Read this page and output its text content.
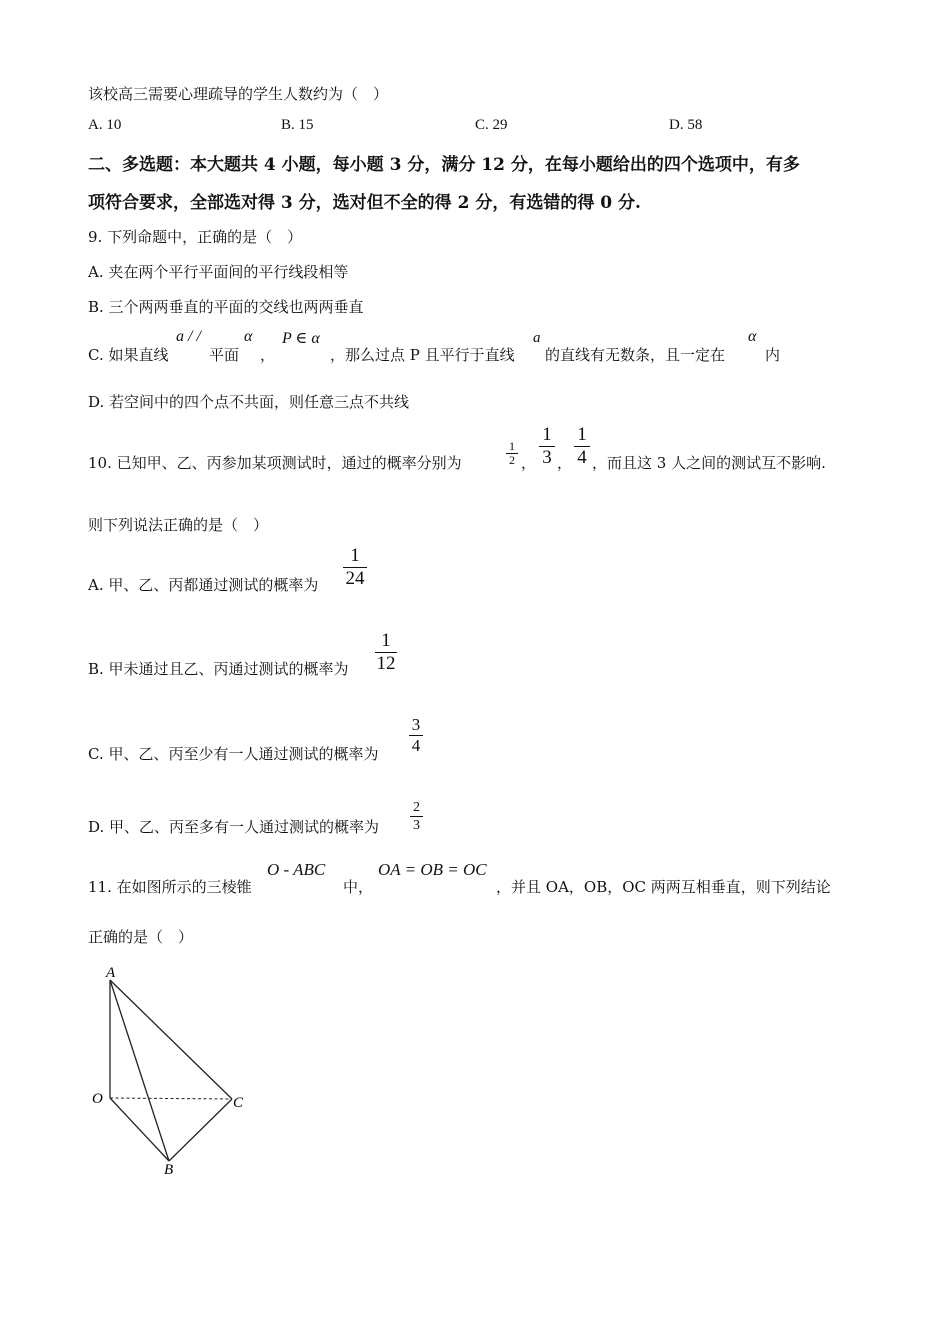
该校高三需要心理疏导的学生人数约为（　）
A. 10	B. 15	C. 29	D. 58
二、多选题：本大题共 4 小题，每小题 3 分，满分 12 分，在每小题给出的四个选项中，有多
项符合要求，全部选对得 3 分，选对但不全的得 2 分，有选错的得 0 分.
9. 下列命题中，正确的是（　）
A. 夹在两个平行平面间的平行线段相等
B. 三个两两垂直的平面的交线也两两垂直
C. 如果直线
a / /
平面
α
，
P ∈ α
，那么过点 P 且平行于直线
a
的直线有无数条，且一定在
α
内
D. 若空间中的四个点不共面，则任意三点不共线
10. 已知甲、乙、丙参加某项测试时，通过的概率分别为
1
2 ，
1
3 ，
1
4 ，而且这 3 人之间的测试互不影响.
则下列说法正确的是（　）
A. 甲、乙、丙都通过测试的概率为
1
24
B. 甲未通过且乙、丙通过测试的概率为
1
12
C. 甲、乙、丙至少有一人通过测试的概率为
3
4
D. 甲、乙、丙至多有一人通过测试的概率为
2
3
11. 在如图所示的三棱锥
O - ABC
中，
OA = OB = OC
，并且 OA，OB，OC 两两互相垂直，则下列结论
正确的是（　）
A
O	C
B
